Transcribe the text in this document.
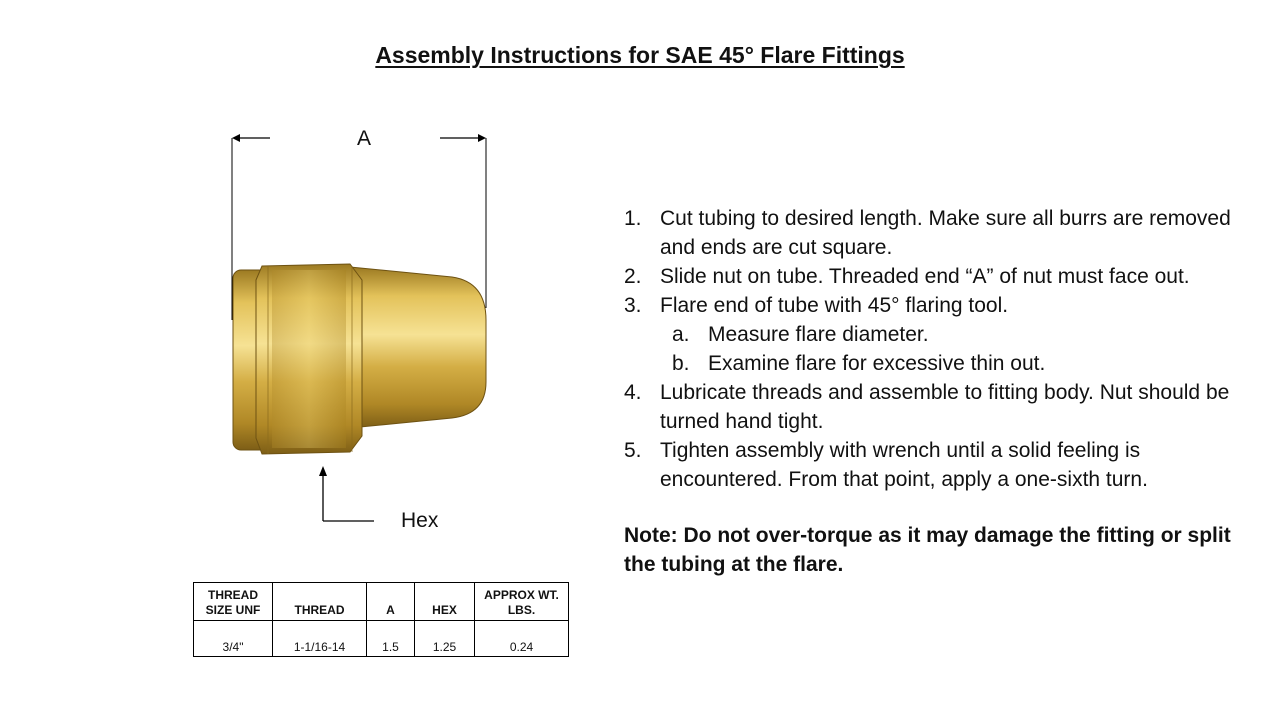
Assembly Instructions for SAE 45° Flare Fittings
A
Hex
1. Cut tubing to desired length. Make sure all burrs are removed and ends are cut square.
2. Slide nut on tube. Threaded end “A” of nut must face out.
3. Flare end of tube with 45° flaring tool.
a. Measure flare diameter.
b. Examine flare for excessive thin out.
4. Lubricate threads and assemble to fitting body. Nut should be turned hand tight.
5. Tighten assembly with wrench until a solid feeling is encountered. From that point, apply a one-sixth turn.
Note: Do not over-torque as it may damage the fitting or split the tubing at the flare.
THREAD SIZE UNF	THREAD	A	HEX	APPROX WT. LBS.
3/4"	1-1/16-14	1.5	1.25	0.24
